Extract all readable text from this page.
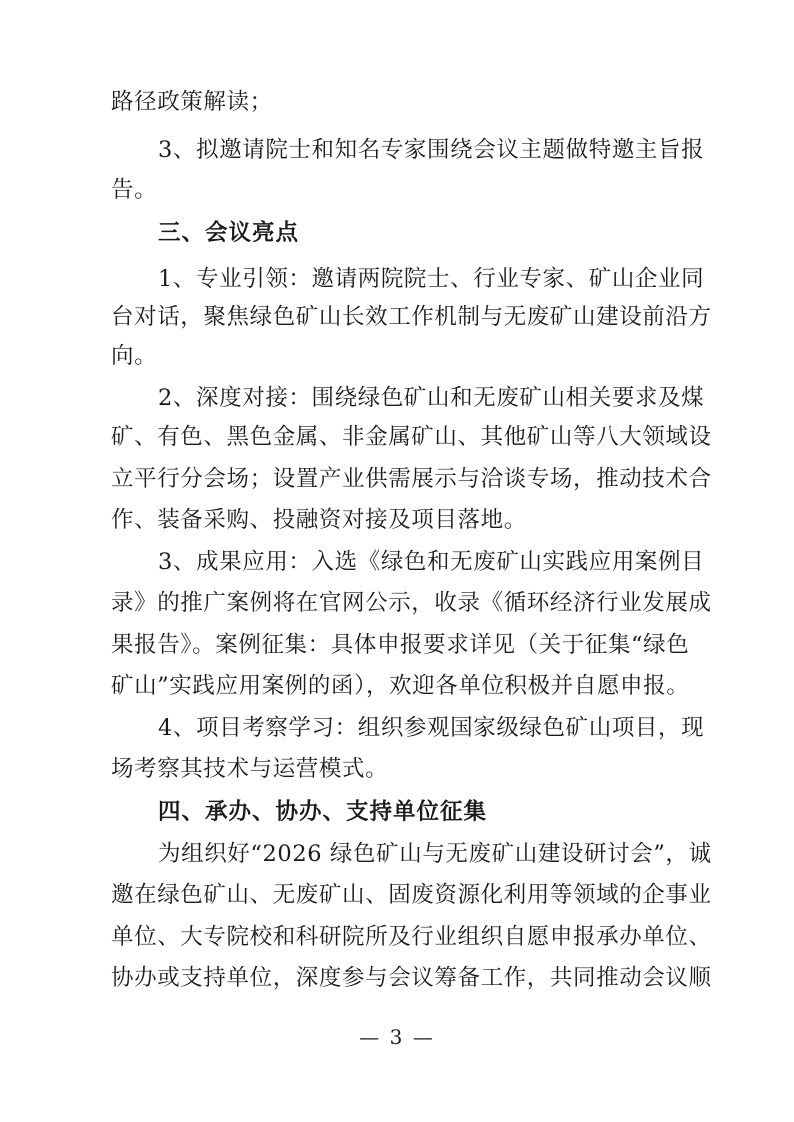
路径政策解读；
3、拟邀请院士和知名专家围绕会议主题做特邀主旨报
告。
三、会议亮点
1、专业引领：邀请两院院士、行业专家、矿山企业同
台对话，聚焦绿色矿山长效工作机制与无废矿山建设前沿方
向。
2、深度对接：围绕绿色矿山和无废矿山相关要求及煤
矿、有色、黑色金属、非金属矿山、其他矿山等八大领域设
立平行分会场；设置产业供需展示与洽谈专场，推动技术合
作、装备采购、投融资对接及项目落地。
3、成果应用：入选《绿色和无废矿山实践应用案例目
录》的推广案例将在官网公示，收录《循环经济行业发展成
果报告》。案例征集：具体申报要求详见（关于征集“绿色
矿山”实践应用案例的函），欢迎各单位积极并自愿申报。
4、项目考察学习：组织参观国家级绿色矿山项目，现
场考察其技术与运营模式。
四、承办、协办、支持单位征集
为组织好“2026 绿色矿山与无废矿山建设研讨会”，诚
邀在绿色矿山、无废矿山、固废资源化利用等领域的企事业
单位、大专院校和科研院所及行业组织自愿申报承办单位、
协办或支持单位，深度参与会议筹备工作，共同推动会议顺
— 3 —
